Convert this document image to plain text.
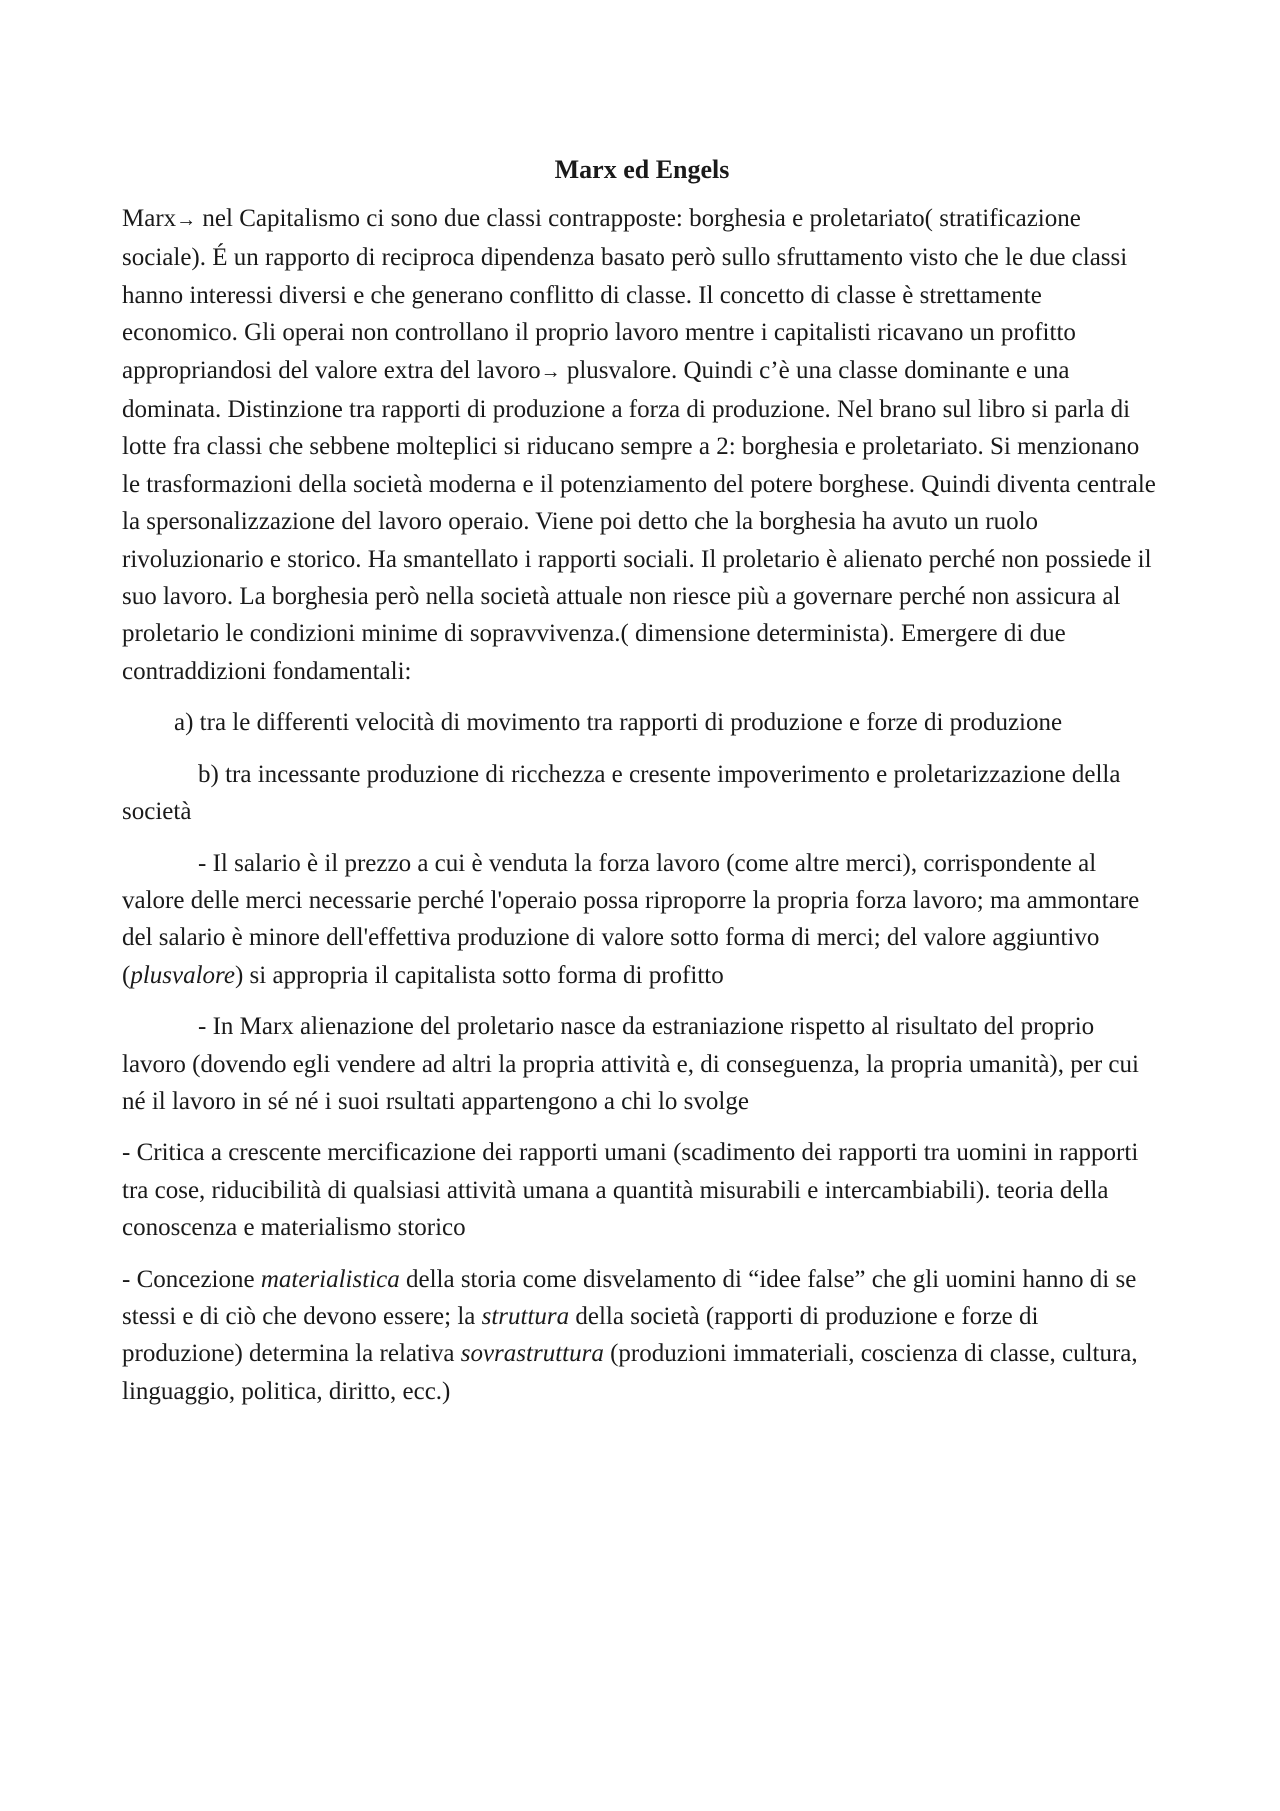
Marx ed Engels

Marx→ nel Capitalismo ci sono due classi contrapposte: borghesia e proletariato( stratificazione sociale). É un rapporto di reciproca dipendenza basato però sullo sfruttamento visto che le due classi hanno interessi diversi e che generano conflitto di classe. Il concetto di classe è strettamente economico. Gli operai non controllano il proprio lavoro mentre i capitalisti ricavano un profitto appropriandosi del valore extra del lavoro→ plusvalore. Quindi c’è una classe dominante e una dominata. Distinzione tra rapporti di produzione a forza di produzione. Nel brano sul libro si parla di lotte fra classi che sebbene molteplici si riducano sempre a 2: borghesia e proletariato. Si menzionano le trasformazioni della società moderna e il potenziamento del potere borghese. Quindi diventa centrale la spersonalizzazione del lavoro operaio. Viene poi detto che la borghesia ha avuto un ruolo rivoluzionario e storico. Ha smantellato i rapporti sociali. Il proletario è alienato perché non possiede il suo lavoro. La borghesia però nella società attuale non riesce più a governare perché non assicura al proletario le condizioni minime di sopravvivenza.( dimensione determinista). Emergere di due contraddizioni fondamentali:

a) tra le differenti velocità di movimento tra rapporti di produzione e forze di produzione

b) tra incessante produzione di ricchezza e cresente impoverimento e proletarizzazione della    società

- Il salario è il prezzo a cui è venduta la forza lavoro (come altre merci), corrispondente al valore delle merci necessarie perché l'operaio possa riproporre la propria forza lavoro; ma ammontare del salario è minore dell'effettiva produzione di valore sotto forma di merci; del valore aggiuntivo (plusvalore) si appropria il capitalista sotto forma di profitto

- In Marx alienazione del proletario nasce da estraniazione rispetto al risultato del proprio lavoro (dovendo egli vendere ad altri la propria attività e, di conseguenza, la propria umanità), per cui né il lavoro in sé né i suoi rsultati appartengono a chi lo svolge

- Critica a crescente mercificazione dei rapporti umani (scadimento dei rapporti tra uomini in rapporti tra cose, riducibilità di qualsiasi attività umana a quantità misurabili e intercambiabili). teoria della conoscenza e materialismo storico

- Concezione materialistica della storia come disvelamento di “idee false” che gli uomini hanno di se stessi e di ciò che devono essere; la struttura della società (rapporti di produzione e forze di produzione) determina la relativa sovrastruttura (produzioni immateriali, coscienza di classe, cultura, linguaggio, politica, diritto, ecc.)
